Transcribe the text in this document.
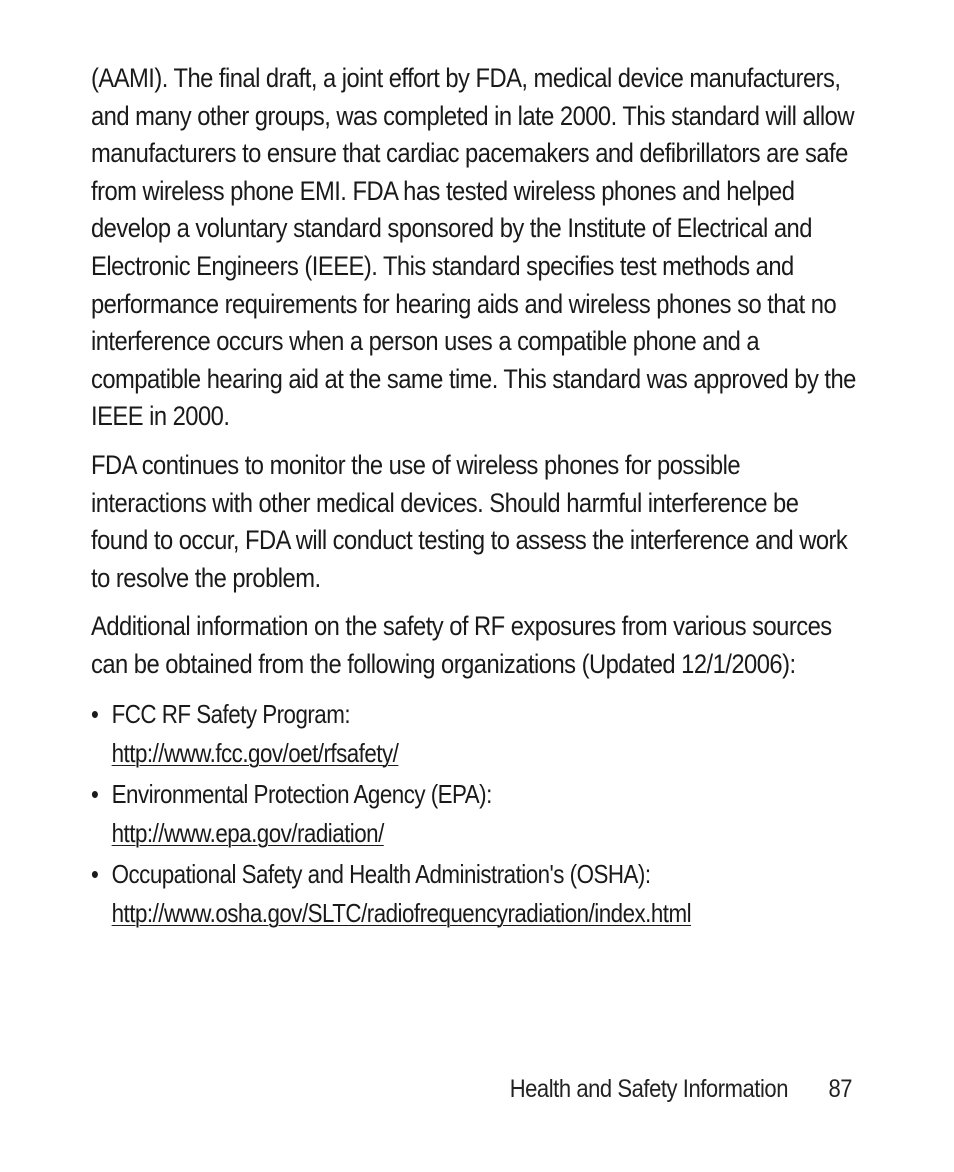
(AAMI). The final draft, a joint effort by FDA, medical device manufacturers, and many other groups, was completed in late 2000. This standard will allow manufacturers to ensure that cardiac pacemakers and defibrillators are safe from wireless phone EMI. FDA has tested wireless phones and helped develop a voluntary standard sponsored by the Institute of Electrical and Electronic Engineers (IEEE). This standard specifies test methods and performance requirements for hearing aids and wireless phones so that no interference occurs when a person uses a compatible phone and a compatible hearing aid at the same time. This standard was approved by the IEEE in 2000.

FDA continues to monitor the use of wireless phones for possible interactions with other medical devices. Should harmful interference be found to occur, FDA will conduct testing to assess the interference and work to resolve the problem.

Additional information on the safety of RF exposures from various sources can be obtained from the following organizations (Updated 12/1/2006):

• FCC RF Safety Program:
http://www.fcc.gov/oet/rfsafety/
• Environmental Protection Agency (EPA):
http://www.epa.gov/radiation/
• Occupational Safety and Health Administration's (OSHA):
http://www.osha.gov/SLTC/radiofrequencyradiation/index.html
Health and Safety Information 87
